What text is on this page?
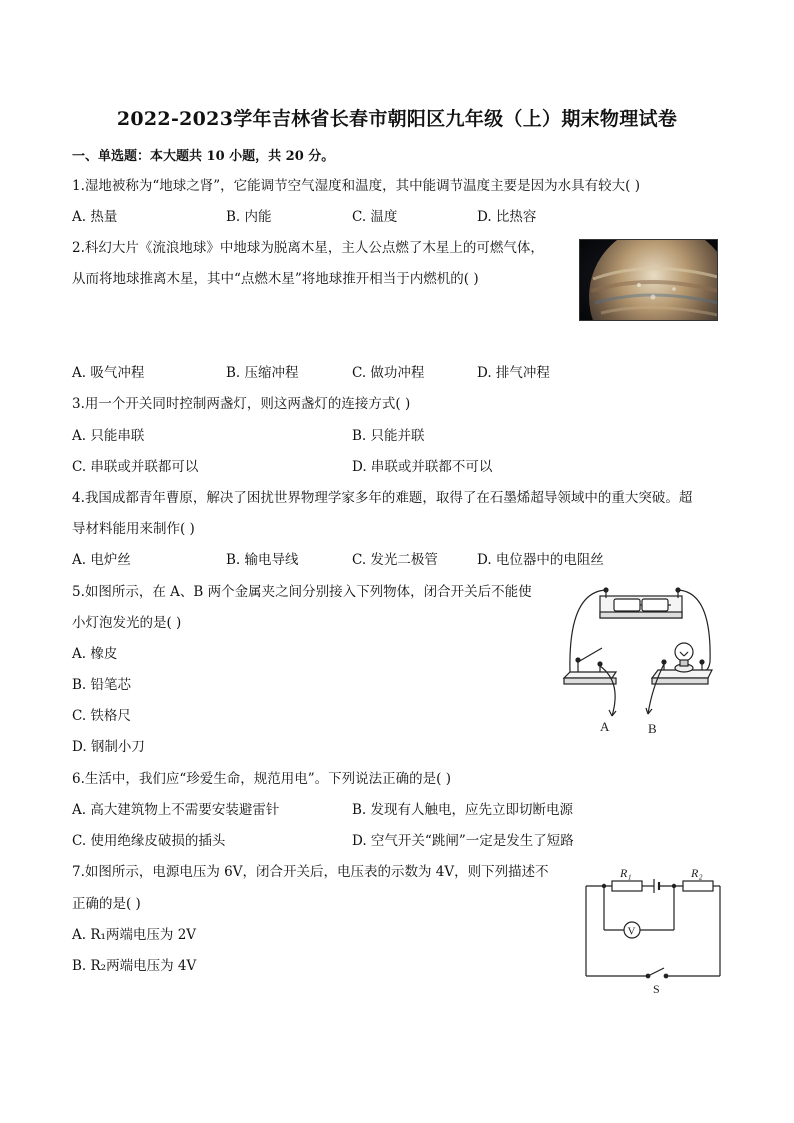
2022-2023学年吉林省长春市朝阳区九年级（上）期末物理试卷
一、单选题：本大题共 10 小题，共 20 分。
1.湿地被称为“地球之肾”，它能调节空气湿度和温度，其中能调节温度主要是因为水具有较大( )
A. 热量	B. 内能	C. 温度	D. 比热容
2.科幻大片《流浪地球》中地球为脱离木星，主人公点燃了木星上的可燃气体，
从而将地球推离木星，其中“点燃木星”将地球推开相当于内燃机的( )
A. 吸气冲程	B. 压缩冲程	C. 做功冲程	D. 排气冲程
3.用一个开关同时控制两盏灯，则这两盏灯的连接方式( )
A. 只能串联	B. 只能并联
C. 串联或并联都可以	D. 串联或并联都不可以
4.我国成都青年曹原，解决了困扰世界物理学家多年的难题，取得了在石墨烯超导领域中的重大突破。超
导材料能用来制作( )
A. 电炉丝	B. 输电导线	C. 发光二极管	D. 电位器中的电阻丝
5.如图所示，在 A、B 两个金属夹之间分别接入下列物体，闭合开关后不能使
小灯泡发光的是( )
A. 橡皮
B. 铅笔芯
C. 铁格尺
D. 钢制小刀
A	B
6.生活中，我们应“珍爱生命，规范用电”。下列说法正确的是( )
A. 高大建筑物上不需要安装避雷针	B. 发现有人触电，应先立即切断电源
C. 使用绝缘皮破损的插头	D. 空气开关“跳闸”一定是发生了短路
7.如图所示，电源电压为 6V，闭合开关后，电压表的示数为 4V，则下列描述不
正确的是( )
A. R₁两端电压为 2V
B. R₂两端电压为 4V
V
R₁	R₂
S
